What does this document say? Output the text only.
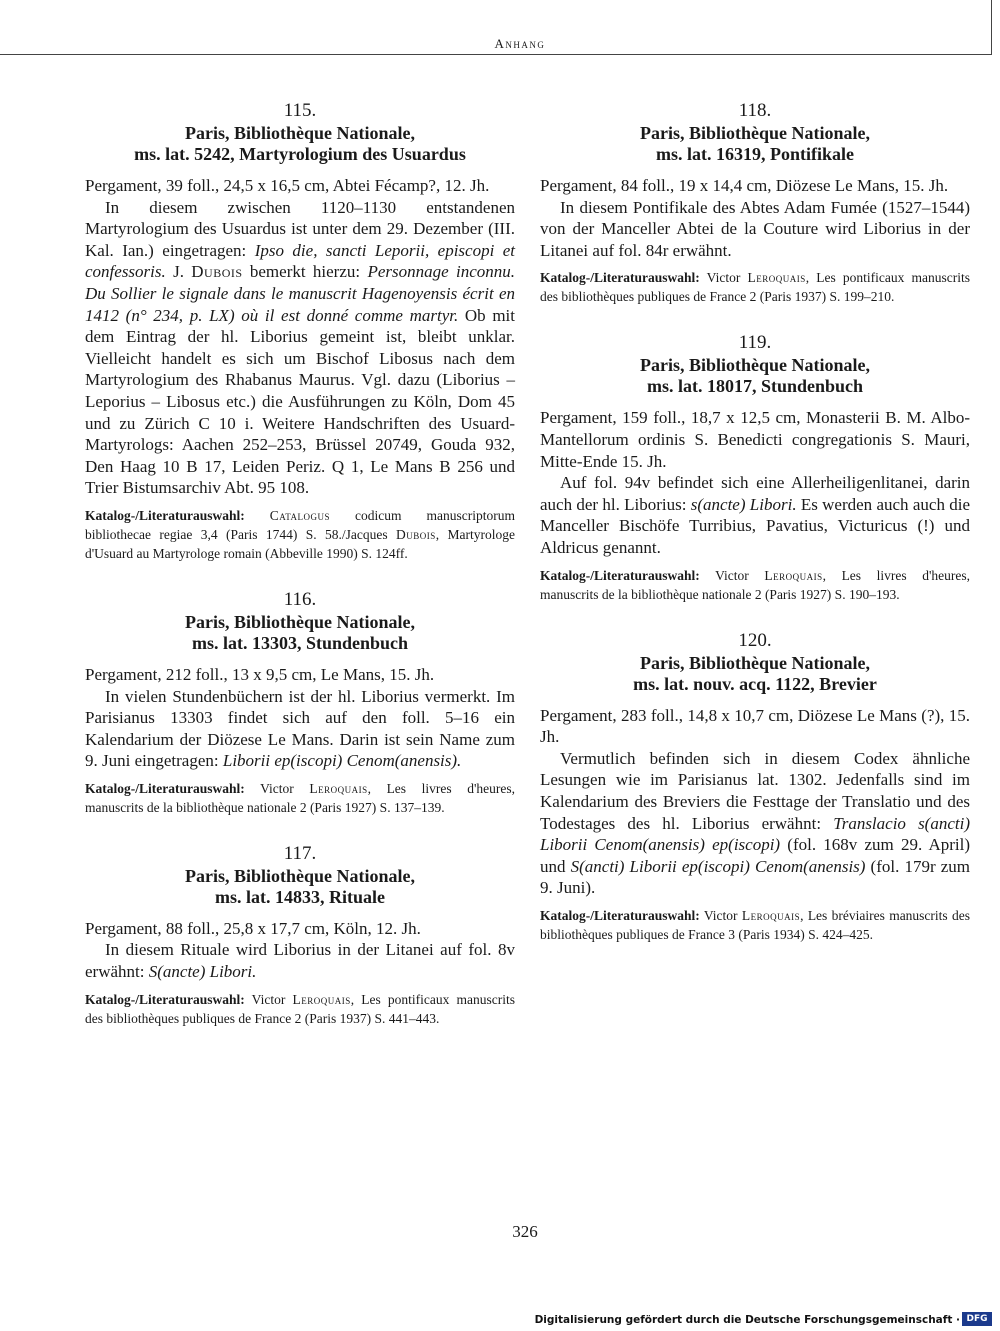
Anhang
115.
Paris, Bibliothèque Nationale,
ms. lat. 5242, Martyrologium des Usuardus

Pergament, 39 foll., 24,5 x 16,5 cm, Abtei Fécamp?, 12. Jh.

In diesem zwischen 1120–1130 entstandenen Martyrologium des Usuardus ist unter dem 29. Dezember (III. Kal. Ian.) eingetragen: Ipso die, sancti Leporii, episcopi et confessoris. J. Dubois bemerkt hierzu: Personnage inconnu. Du Sollier le signale dans le manuscrit Hagenoyensis écrit en 1412 (n° 234, p. LX) où il est donné comme martyr. Ob mit dem Eintrag der hl. Liborius gemeint ist, bleibt unklar. Vielleicht handelt es sich um Bischof Libosus nach dem Martyrologium des Rhabanus Maurus. Vgl. dazu (Liborius – Leporius – Libosus etc.) die Ausführungen zu Köln, Dom 45 und zu Zürich C 10 i. Weitere Handschriften des Usuard-Martyrologs: Aachen 252–253, Brüssel 20749, Gouda 932, Den Haag 10 B 17, Leiden Periz. Q 1, Le Mans B 256 und Trier Bistumsarchiv Abt. 95 108.

Katalog-/Literaturauswahl: Catalogus codicum manuscriptorum bibliothecae regiae 3,4 (Paris 1744) S. 58./Jacques Dubois, Martyrologe d'Usuard au Martyrologe romain (Abbeville 1990) S. 124ff.
116.
Paris, Bibliothèque Nationale,
ms. lat. 13303, Stundenbuch

Pergament, 212 foll., 13 x 9,5 cm, Le Mans, 15. Jh.

In vielen Stundenbüchern ist der hl. Liborius vermerkt. Im Parisianus 13303 findet sich auf den foll. 5–16 ein Kalendarium der Diözese Le Mans. Darin ist sein Name zum 9. Juni eingetragen: Liborii ep(iscopi) Cenom(anensis).

Katalog-/Literaturauswahl: Victor Leroquais, Les livres d'heures, manuscrits de la bibliothèque nationale 2 (Paris 1927) S. 137–139.
117.
Paris, Bibliothèque Nationale,
ms. lat. 14833, Rituale

Pergament, 88 foll., 25,8 x 17,7 cm, Köln, 12. Jh.

In diesem Rituale wird Liborius in der Litanei auf fol. 8v erwähnt: S(ancte) Libori.

Katalog-/Literaturauswahl: Victor Leroquais, Les pontificaux manuscrits des bibliothèques publiques de France 2 (Paris 1937) S. 441–443.
118.
Paris, Bibliothèque Nationale,
ms. lat. 16319, Pontifikale

Pergament, 84 foll., 19 x 14,4 cm, Diözese Le Mans, 15. Jh.

In diesem Pontifikale des Abtes Adam Fumée (1527–1544) von der Manceller Abtei de la Couture wird Liborius in der Litanei auf fol. 84r erwähnt.

Katalog-/Literaturauswahl: Victor Leroquais, Les pontificaux manuscrits des bibliothèques publiques de France 2 (Paris 1937) S. 199–210.
119.
Paris, Bibliothèque Nationale,
ms. lat. 18017, Stundenbuch

Pergament, 159 foll., 18,7 x 12,5 cm, Monasterii B. M. Albo-Mantellorum ordinis S. Benedicti congregationis S. Mauri, Mitte-Ende 15. Jh.

Auf fol. 94v befindet sich eine Allerheiligenlitanei, darin auch der hl. Liborius: s(ancte) Libori. Es werden auch auch die Manceller Bischöfe Turribius, Pavatius, Victuricus (!) und Aldricus genannt.

Katalog-/Literaturauswahl: Victor Leroquais, Les livres d'heures, manuscrits de la bibliothèque nationale 2 (Paris 1927) S. 190–193.
120.
Paris, Bibliothèque Nationale,
ms. lat. nouv. acq. 1122, Brevier

Pergament, 283 foll., 14,8 x 10,7 cm, Diözese Le Mans (?), 15. Jh.

Vermutlich befinden sich in diesem Codex ähnliche Lesungen wie im Parisianus lat. 1302. Jedenfalls sind im Kalendarium des Breviers die Festtage der Translatio und des Todestages des hl. Liborius erwähnt: Translacio s(ancti) Liborii Cenom(anensis) ep(iscopi) (fol. 168v zum 29. April) und S(ancti) Liborii ep(iscopi) Cenom(anensis) (fol. 179r zum 9. Juni).

Katalog-/Literaturauswahl: Victor Leroquais, Les bréviaires manuscrits des bibliothèques publiques de France 3 (Paris 1934) S. 424–425.
326
Digitalisierung gefördert durch die Deutsche Forschungsgemeinschaft · DFG
